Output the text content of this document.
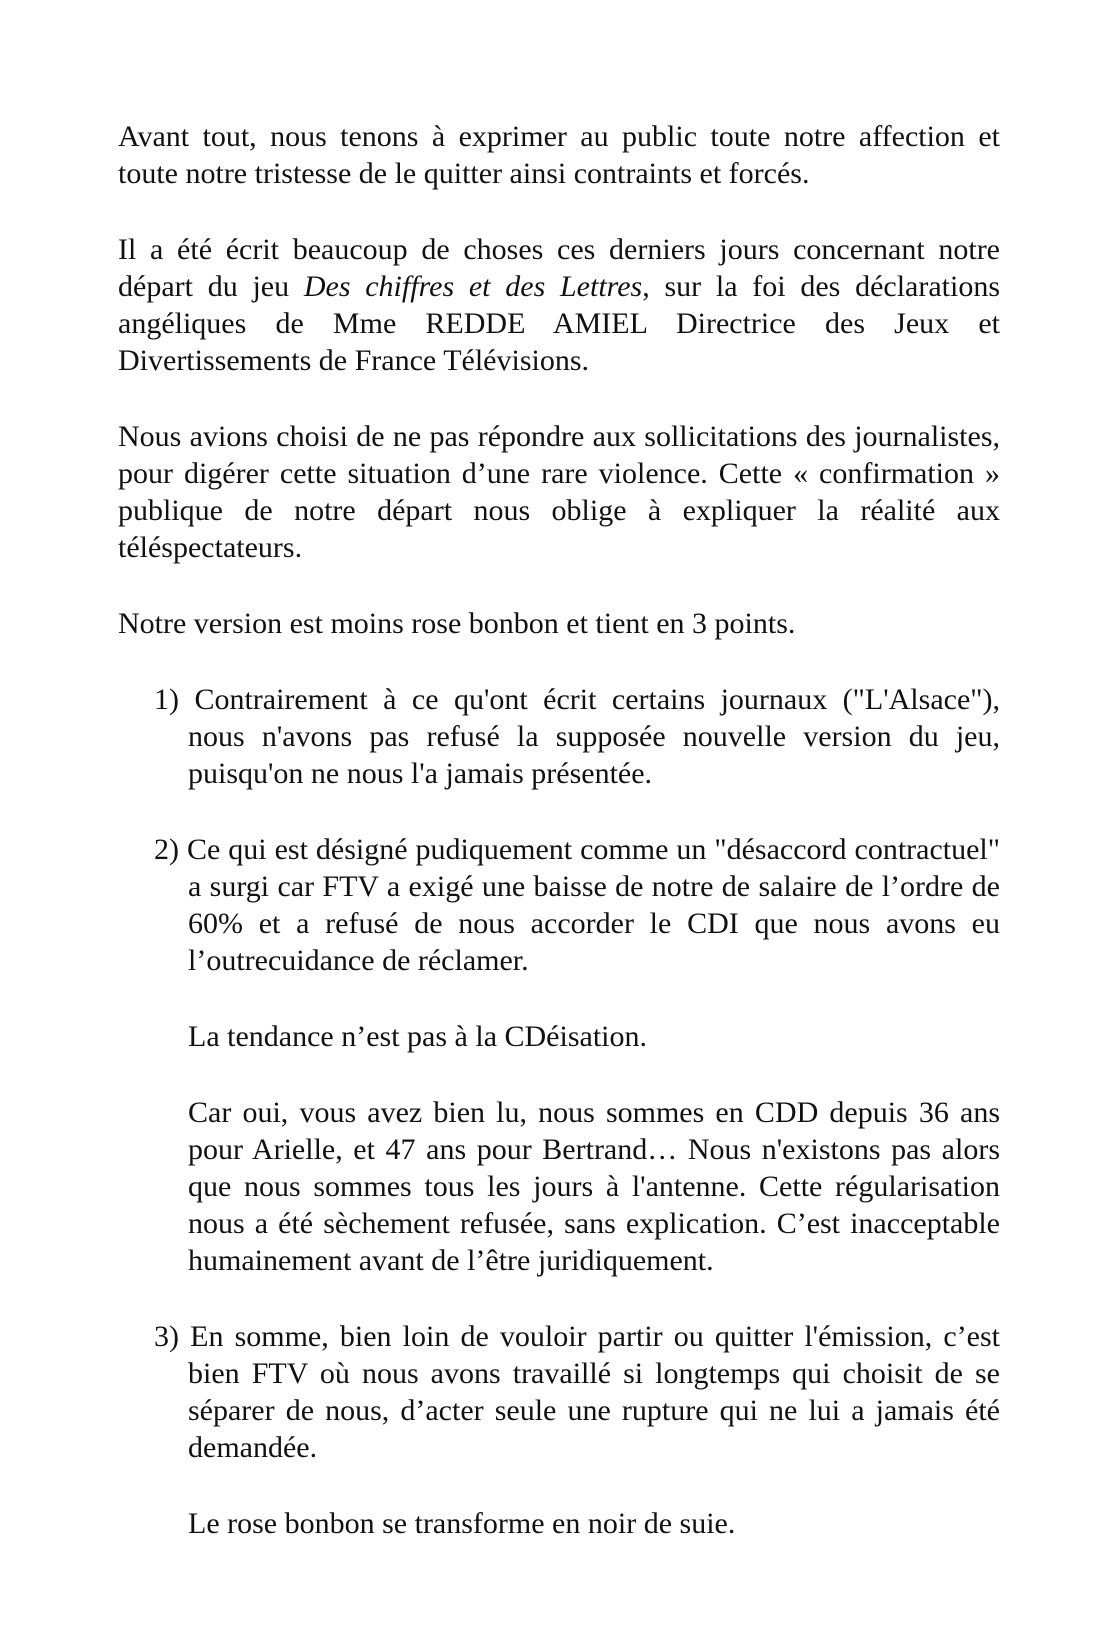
Avant tout, nous tenons à exprimer au public toute notre affection et toute notre tristesse de le quitter ainsi contraints et forcés.

Il a été écrit beaucoup de choses ces derniers jours concernant notre départ du jeu Des chiffres et des Lettres, sur la foi des déclarations angéliques de Mme REDDE AMIEL Directrice des Jeux et Divertissements de France Télévisions.

Nous avions choisi de ne pas répondre aux sollicitations des journalistes, pour digérer cette situation d’une rare violence. Cette « confirmation » publique de notre départ nous oblige à expliquer la réalité aux téléspectateurs.

Notre version est moins rose bonbon et tient en 3 points.

1) Contrairement à ce qu'ont écrit certains journaux ("L'Alsace"), nous n'avons pas refusé la supposée nouvelle version du jeu, puisqu'on ne nous l'a jamais présentée.

2) Ce qui est désigné pudiquement comme un "désaccord contractuel" a surgi car FTV a exigé une baisse de notre de salaire de l’ordre de 60% et a refusé de nous accorder le CDI que nous avons eu l’outrecuidance de réclamer.

La tendance n’est pas à la CDéisation.

Car oui, vous avez bien lu, nous sommes en CDD depuis 36 ans pour Arielle, et 47 ans pour Bertrand… Nous n'existons pas alors que nous sommes tous les jours à l'antenne. Cette régularisation nous a été sèchement refusée, sans explication. C’est inacceptable humainement avant de l’être juridiquement.

3) En somme, bien loin de vouloir partir ou quitter l'émission, c’est bien FTV où nous avons travaillé si longtemps qui choisit de se séparer de nous, d’acter seule une rupture qui ne lui a jamais été demandée.

Le rose bonbon se transforme en noir de suie.
